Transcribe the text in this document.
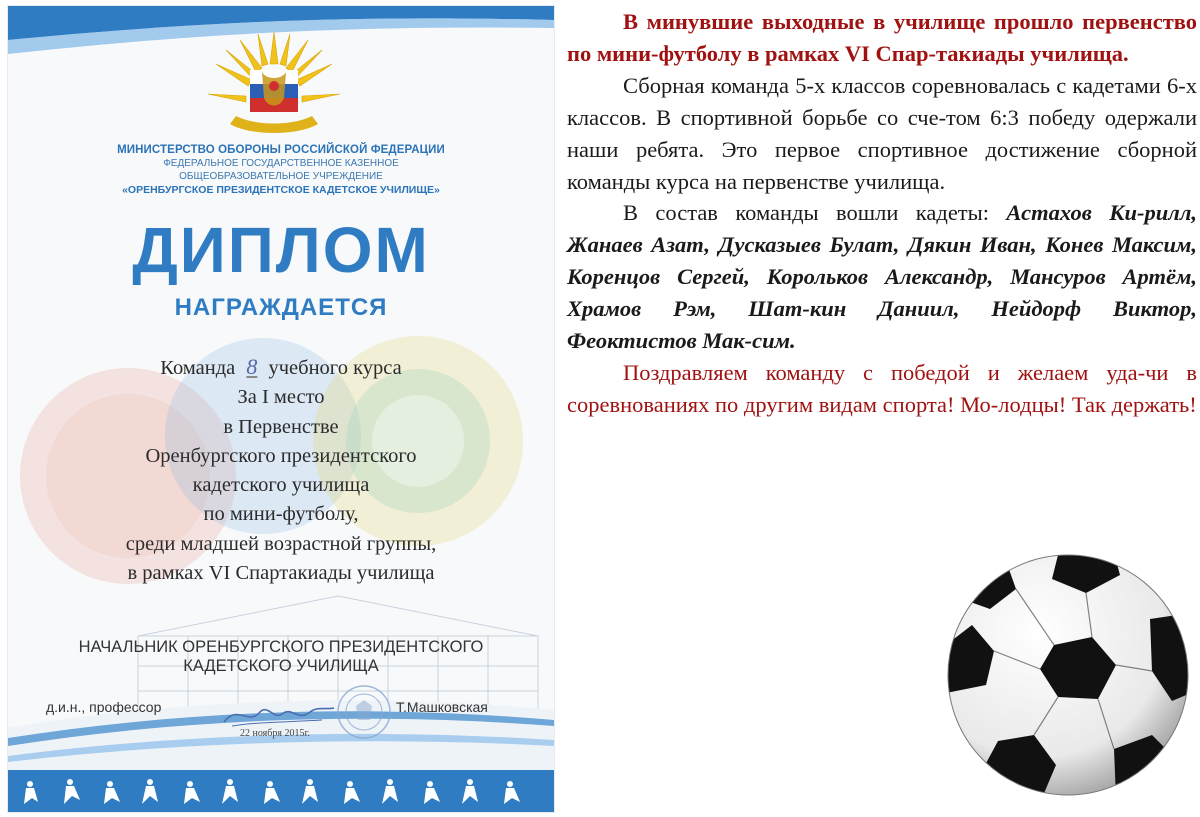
МИНИСТЕРСТВО ОБОРОНЫ РОССИЙСКОЙ ФЕДЕРАЦИИ
ФЕДЕРАЛЬНОЕ ГОСУДАРСТВЕННОЕ КАЗЕННОЕ
ОБЩЕОБРАЗОВАТЕЛЬНОЕ УЧРЕЖДЕНИЕ
«ОРЕНБУРГСКОЕ ПРЕЗИДЕНТСКОЕ КАДЕТСКОЕ УЧИЛИЩЕ»
ДИПЛОМ
НАГРАЖДАЕТСЯ
Команда 8 учебного курса
За I место
в Первенстве
Оренбургского президентского
кадетского училища
по мини-футболу,
среди младшей возрастной группы,
в рамках VI Спартакиады училища
НАЧАЛЬНИК ОРЕНБУРГСКОГО ПРЕЗИДЕНТСКОГО
КАДЕТСКОГО УЧИЛИЩА
д.и.н., профессор	Т.Машковская
22 ноября 2015г.

В минувшие выходные в училище прошло первенство по мини-футболу в рамках VI Спар-такиады училища.

Сборная команда 5-х классов соревновалась с кадетами 6-х классов. В спортивной борьбе со сче-том 6:3 победу одержали наши ребята. Это первое спортивное достижение сборной команды курса на первенстве училища.

В состав команды вошли кадеты: Астахов Ки-рилл, Жанаев Азат, Дусказыев Булат, Дякин Иван, Конев Максим, Коренцов Сергей, Корольков Александр, Мансуров Артём, Храмов Рэм, Шат-кин Даниил, Нейдорф Виктор, Феоктистов Мак-сим.

Поздравляем команду с победой и желаем уда-чи в соревнованиях по другим видам спорта! Мо-лодцы! Так держать!
